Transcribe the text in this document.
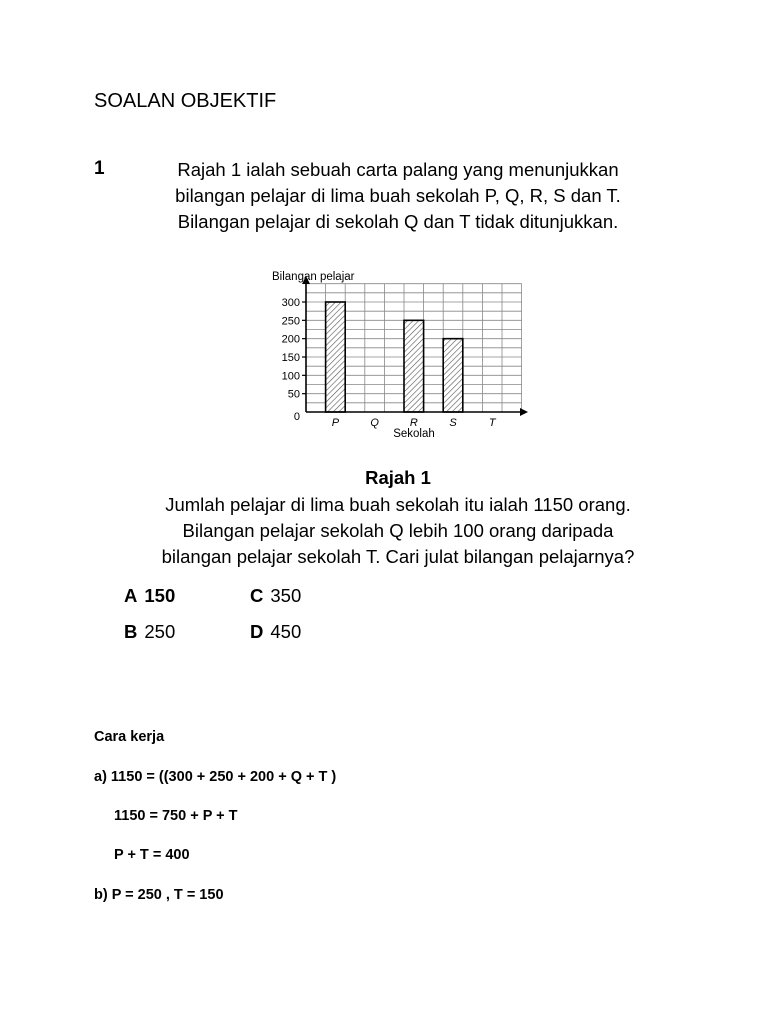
SOALAN OBJEKTIF
1	Rajah 1 ialah sebuah carta palang yang menunjukkan
bilangan pelajar di lima buah sekolah P, Q, R, S dan T.
Bilangan pelajar di sekolah Q dan T tidak ditunjukkan.
P	Q	R	S	T
0
50
100
150
200
250
300
Bilangan pelajar
Sekolah
Rajah 1
Jumlah pelajar di lima buah sekolah itu ialah 1150 orang.
Bilangan pelajar sekolah Q lebih 100 orang daripada
bilangan pelajar sekolah T. Cari julat bilangan pelajarnya?
A 150	C 350
B 250	D 450
Cara kerja
a) 1150 = ((300 + 250 + 200 + Q + T )
1150 = 750 + P + T
P + T = 400
b) P = 250 , T = 150
